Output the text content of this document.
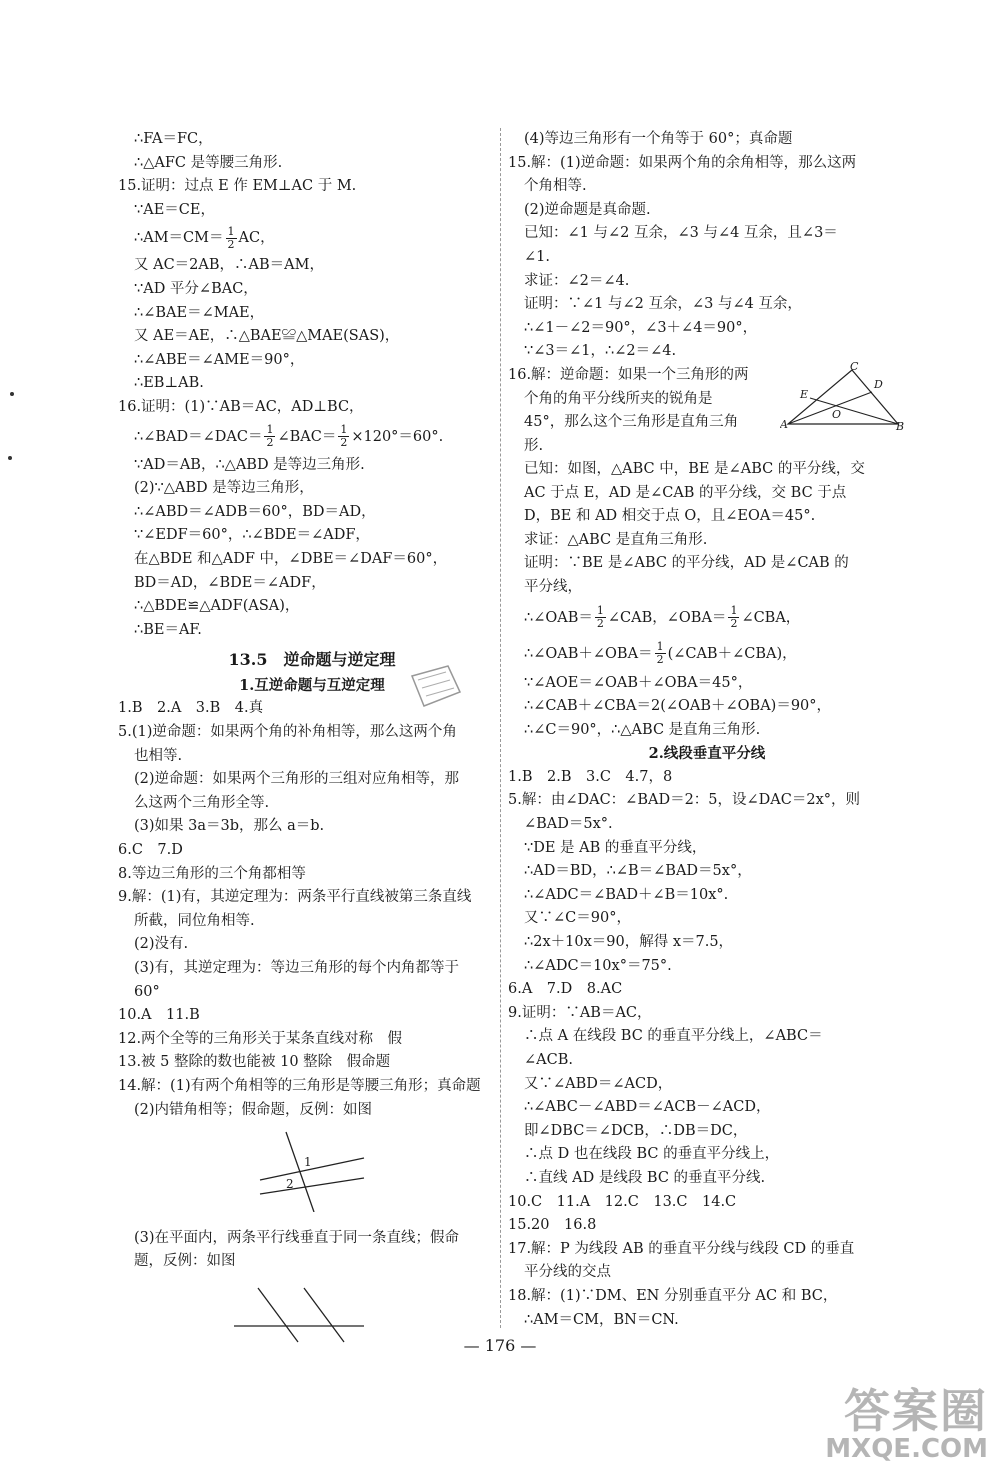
∴FA＝FC，
∴△AFC 是等腰三角形.
15.证明：过点 E 作 EM⊥AC 于 M.
∵AE＝CE，
∴AM＝CM＝ $\frac{1}{2}$ AC，
又 AC＝2AB，∴AB＝AM，
∵AD 平分∠BAC，
∴∠BAE＝∠MAE，
又 AE＝AE，∴△BAE≌△MAE(SAS)，
∴∠ABE＝∠AME＝90°，
∴EB⊥AB.
16.证明：(1)∵AB＝AC，AD⊥BC，
∴∠BAD＝∠DAC＝ $\frac{1}{2}$ ∠BAC＝ $\frac{1}{2} \times 120^\circ=60^\circ$.
∵AD＝AB，∴△ABD 是等边三角形.
(2)∵△ABD 是等边三角形，
∴∠ABD＝∠ADB＝60°，BD＝AD，
∵∠EDF＝60°，∴∠BDE＝∠ADF，
在△BDE 和△ADF 中，∠DBE＝∠DAF＝60°，
BD＝AD，∠BDE＝∠ADF，
∴△BDE≌△ADF(ASA)，
∴BE＝AF.
13.5　逆命题与逆定理
1.互逆命题与互逆定理
1.B　2.A　3.B　4.真
5.(1)逆命题：如果两个角的补角相等，那么这两个角
也相等.
(2)逆命题：如果两个三角形的三组对应角相等，那
么这两个三角形全等.
(3)如果 3a＝3b，那么 a＝b.
6.C　7.D
8.等边三角形的三个角都相等
9.解：(1)有，其逆定理为：两条平行直线被第三条直线
所截，同位角相等.
(2)没有.
(3)有，其逆定理为：等边三角形的每个内角都等于
60°
10.A　11.B
12.两个全等的三角形关于某条直线对称　假
13.被 5 整除的数也能被 10 整除　假命题
14.解：(1)有两个角相等的三角形是等腰三角形；真命题
(2)内错角相等；假命题，反例：如图
1
2
(3)在平面内，两条平行线垂直于同一条直线；假命
题，反例：如图
(4)等边三角形有一个角等于 60°；真命题
15.解：(1)逆命题：如果两个角的余角相等，那么这两
个角相等.
(2)逆命题是真命题.
已知：∠1 与∠2 互余，∠3 与∠4 互余，且∠3＝
∠1.
求证：∠2＝∠4.
证明：∵∠1 与∠2 互余，∠3 与∠4 互余，
∴∠1－∠2＝90°，∠3＋∠4＝90°，
∵∠3＝∠1，∴∠2＝∠4.
16.解：逆命题：如果一个三角形的两
个角的角平分线所夹的锐角是
45°，那么这个三角形是直角三角
形.
A	B
C
D
E
O
已知：如图，△ABC 中，BE 是∠ABC 的平分线，交
AC 于点 E，AD 是∠CAB 的平分线，交 BC 于点
D，BE 和 AD 相交于点 O，且∠EOA＝45°.
求证：△ABC 是直角三角形.
证明：∵BE 是∠ABC 的平分线，AD 是∠CAB 的
平分线，
∴∠OAB＝ $\frac{1}{2}$ ∠CAB，∠OBA＝ $\frac{1}{2}$ ∠CBA，
∴∠OAB＋∠OBA＝ $\frac{1}{2}$ (∠CAB＋∠CBA)，
∵∠AOE＝∠OAB＋∠OBA＝45°，
∴∠CAB＋∠CBA＝2(∠OAB＋∠OBA)＝90°，
∴∠C＝90°，∴△ABC 是直角三角形.
2.线段垂直平分线
1.B　2.B　3.C　4.7，8
5.解：由∠DAC：∠BAD＝2：5，设∠DAC＝2x°，则
∠BAD＝5x°.
∵DE 是 AB 的垂直平分线，
∴AD＝BD，∴∠B＝∠BAD＝5x°，
∴∠ADC＝∠BAD＋∠B＝10x°.
又∵∠C＝90°，
∴2x＋10x＝90，解得 x＝7.5，
∴∠ADC＝10x°＝75°.
6.A　7.D　8.AC
9.证明：∵AB＝AC，
∴点 A 在线段 BC 的垂直平分线上，∠ABC＝
∠ACB.
又∵∠ABD＝∠ACD，
∴∠ABC－∠ABD＝∠ACB－∠ACD，
即∠DBC＝∠DCB，∴DB＝DC，
∴点 D 也在线段 BC 的垂直平分线上，
∴直线 AD 是线段 BC 的垂直平分线.
10.C　11.A　12.C　13.C　14.C
15.20　16.8
17.解：P 为线段 AB 的垂直平分线与线段 CD 的垂直
平分线的交点
18.解：(1)∵DM、EN 分别垂直平分 AC 和 BC，
∴AM＝CM，BN＝CN.
— 176 —
答案圈
MXQE.COM
